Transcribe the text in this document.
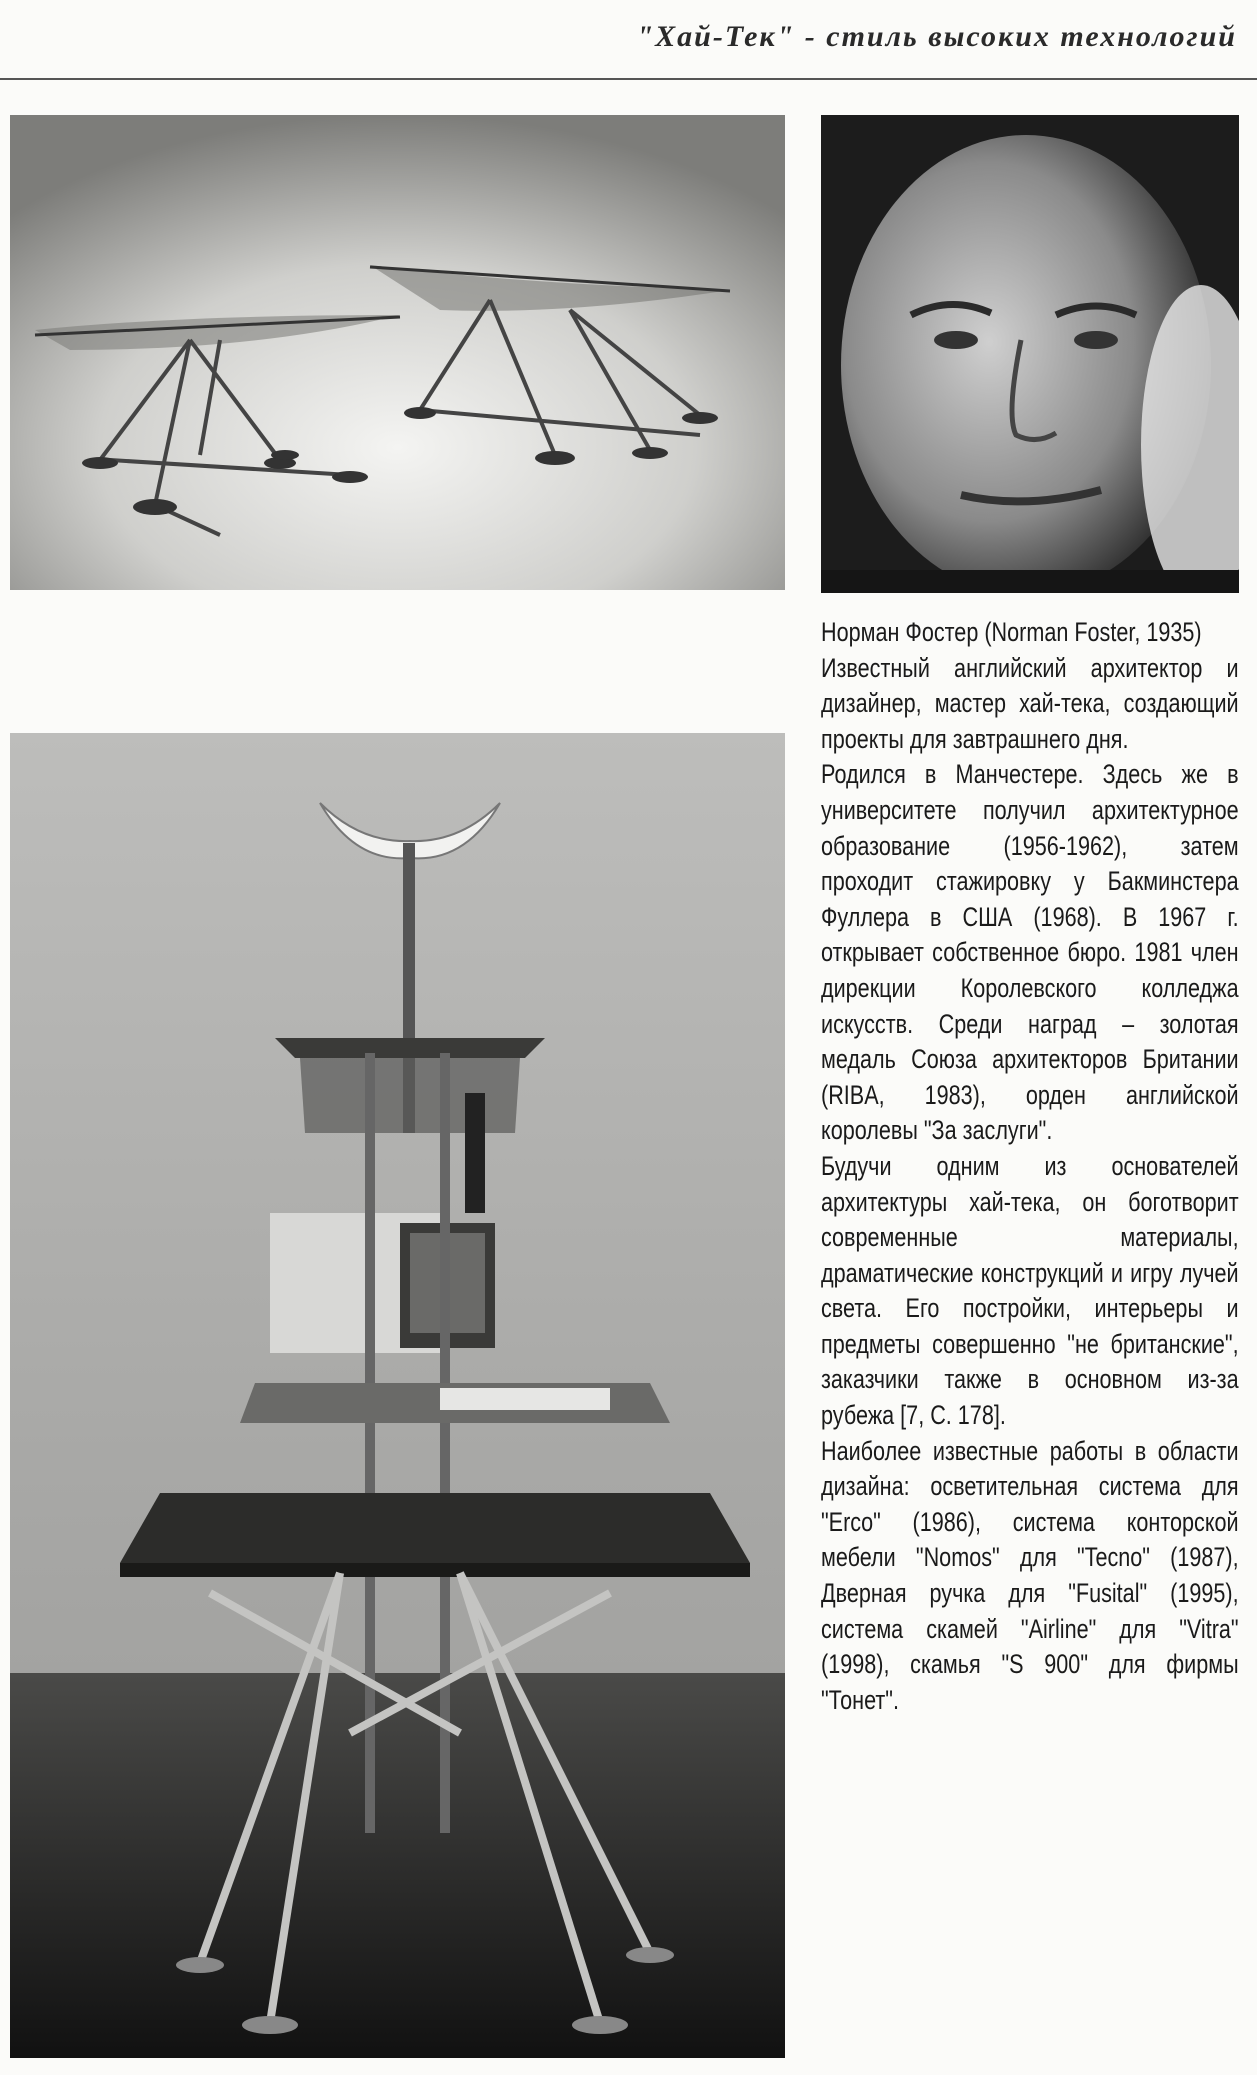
"Хай-Тек" - стиль высоких технологий

Норман Фостер (Norman Foster, 1935)

Известный английский архитектор и дизайнер, мастер хай-тека, создающий проекты для завтрашнего дня.

Родился в Манчестере. Здесь же в университете получил архитектурное образование (1956-1962), затем проходит стажировку у Бакминстера Фуллера в США (1968). В 1967 г. открывает собственное бюро. 1981 член дирекции Королевского колледжа искусств. Среди наград – золотая медаль Союза архитекторов Британии (RIBA, 1983), орден английской королевы "За заслуги".

Будучи одним из основателей архитектуры хай-тека, он боготворит современные материалы, драматические конструкций и игру лучей света. Его постройки, интерьеры и предметы совершенно "не британские", заказчики также в основном из-за рубежа [7, С. 178].

Наиболее известные работы в области дизайна: осветительная система для "Erco" (1986), система конторской мебели "Nomos" для "Tecno" (1987), Дверная ручка для "Fusital" (1995), система скамей "Airline" для "Vitra" (1998), скамья "S 900" для фирмы "Тонет".
